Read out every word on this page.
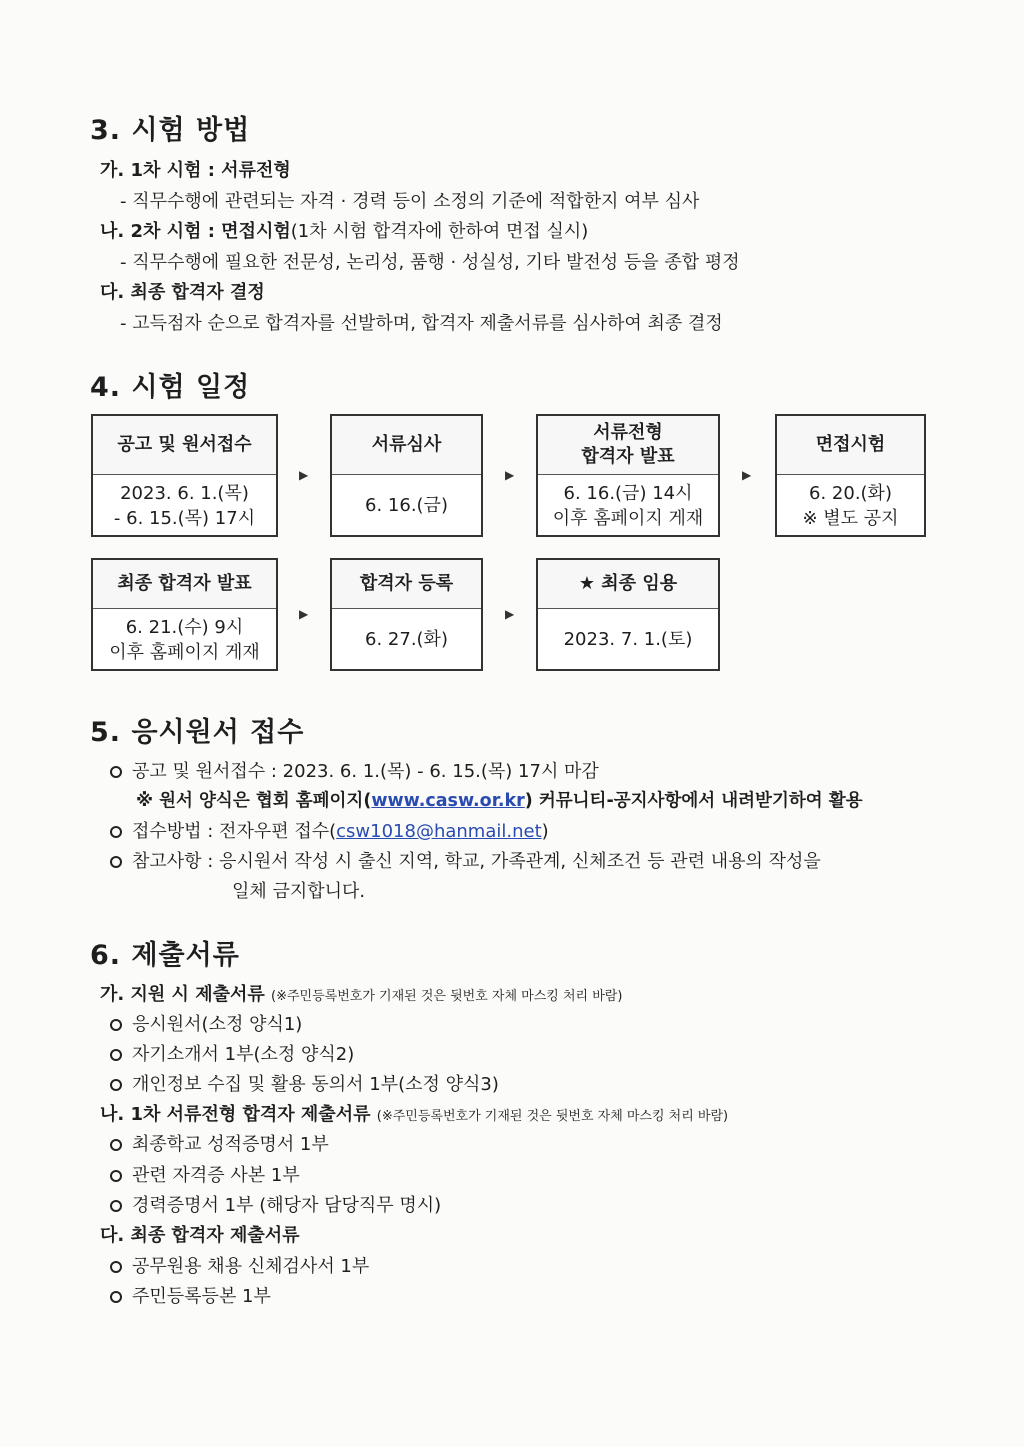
3. 시험 방법
가. 1차 시험 : 서류전형
- 직무수행에 관련되는 자격 · 경력 등이 소정의 기준에 적합한지 여부 심사
나. 2차 시험 : 면접시험(1차 시험 합격자에 한하여 면접 실시)
- 직무수행에 필요한 전문성, 논리성, 품행 · 성실성, 기타 발전성 등을 종합 평정
다. 최종 합격자 결정
- 고득점자 순으로 합격자를 선발하며, 합격자 제출서류를 심사하여 최종 결정
4. 시험 일정
공고 및 원서접수
2023. 6. 1.(목)
- 6. 15.(목) 17시
▶
서류심사
6. 16.(금)
▶
서류전형
합격자 발표
6. 16.(금) 14시
이후 홈페이지 게재
▶
면접시험
6. 20.(화)
※ 별도 공지
최종 합격자 발표
6. 21.(수) 9시
이후 홈페이지 게재
▶
합격자 등록
6. 27.(화)
▶
★ 최종 임용
2023. 7. 1.(토)
5. 응시원서 접수
공고 및 원서접수 : 2023. 6. 1.(목) - 6. 15.(목) 17시 마감
※ 원서 양식은 협회 홈페이지(www.casw.or.kr) 커뮤니티-공지사항에서 내려받기하여 활용
접수방법 : 전자우편 접수(csw1018@hanmail.net)
참고사항 : 응시원서 작성 시 출신 지역, 학교, 가족관계, 신체조건 등 관련 내용의 작성을
일체 금지합니다.
6. 제출서류
가. 지원 시 제출서류 (※주민등록번호가 기재된 것은 뒷번호 자체 마스킹 처리 바람)
응시원서(소정 양식1)
자기소개서 1부(소정 양식2)
개인정보 수집 및 활용 동의서 1부(소정 양식3)
나. 1차 서류전형 합격자 제출서류 (※주민등록번호가 기재된 것은 뒷번호 자체 마스킹 처리 바람)
최종학교 성적증명서 1부
관련 자격증 사본 1부
경력증명서 1부 (해당자 담당직무 명시)
다. 최종 합격자 제출서류
공무원용 채용 신체검사서 1부
주민등록등본 1부
